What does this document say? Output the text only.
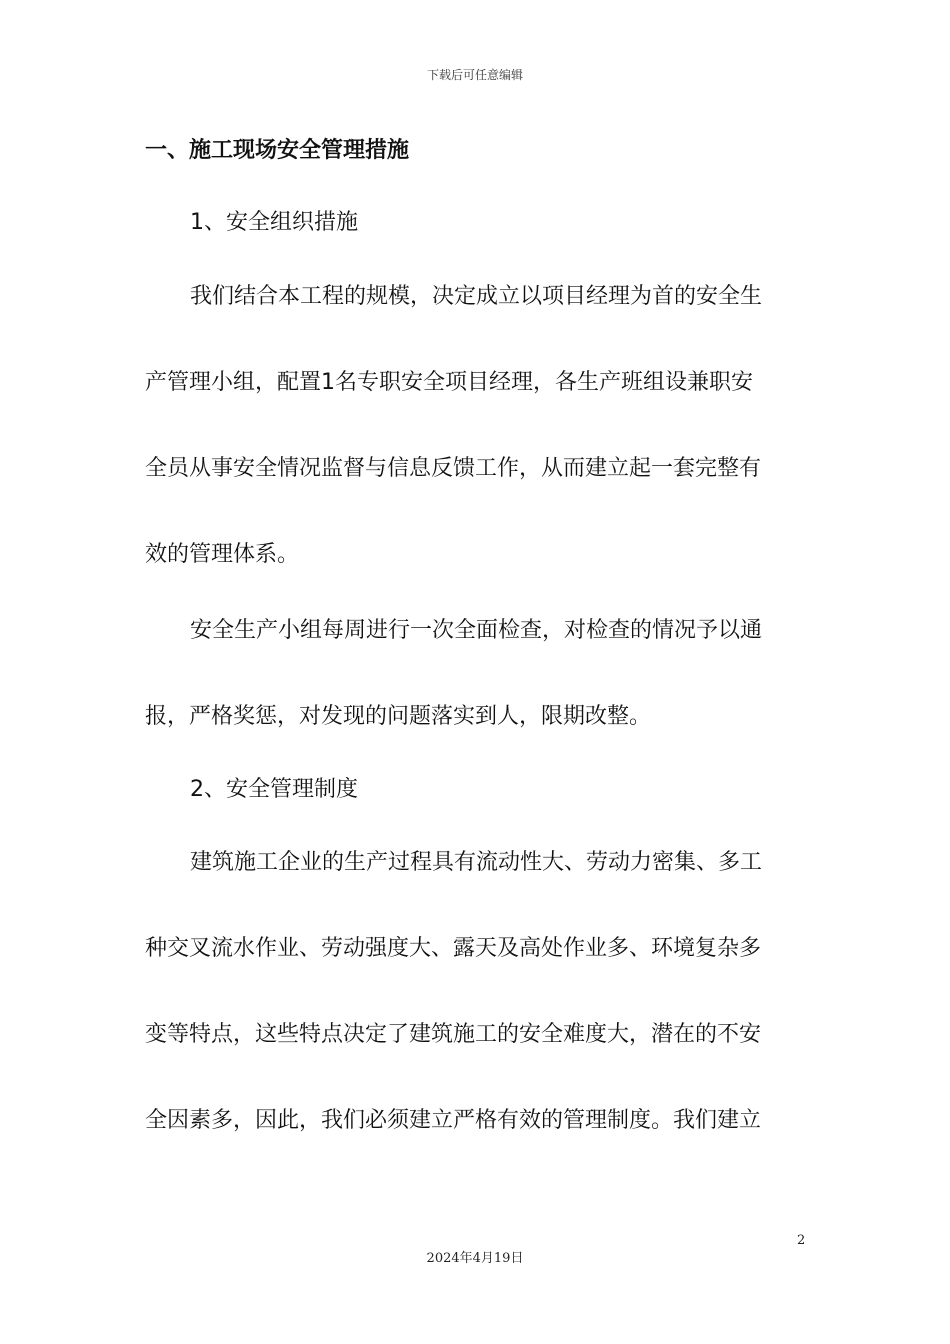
下载后可任意编辑
一、施工现场安全管理措施

1、安全组织措施

我们结合本工程的规模，决定成立以项目经理为首的安全生
产管理小组，配置1名专职安全项目经理，各生产班组设兼职安
全员从事安全情况监督与信息反馈工作，从而建立起一套完整有
效的管理体系。
安全生产小组每周进行一次全面检查，对检查的情况予以通
报，严格奖惩，对发现的问题落实到人，限期改整。

2、安全管理制度

建筑施工企业的生产过程具有流动性大、劳动力密集、多工
种交叉流水作业、劳动强度大、露天及高处作业多、环境复杂多
变等特点，这些特点决定了建筑施工的安全难度大，潜在的不安
全因素多，因此，我们必须建立严格有效的管理制度。我们建立
2
2024年4月19日
